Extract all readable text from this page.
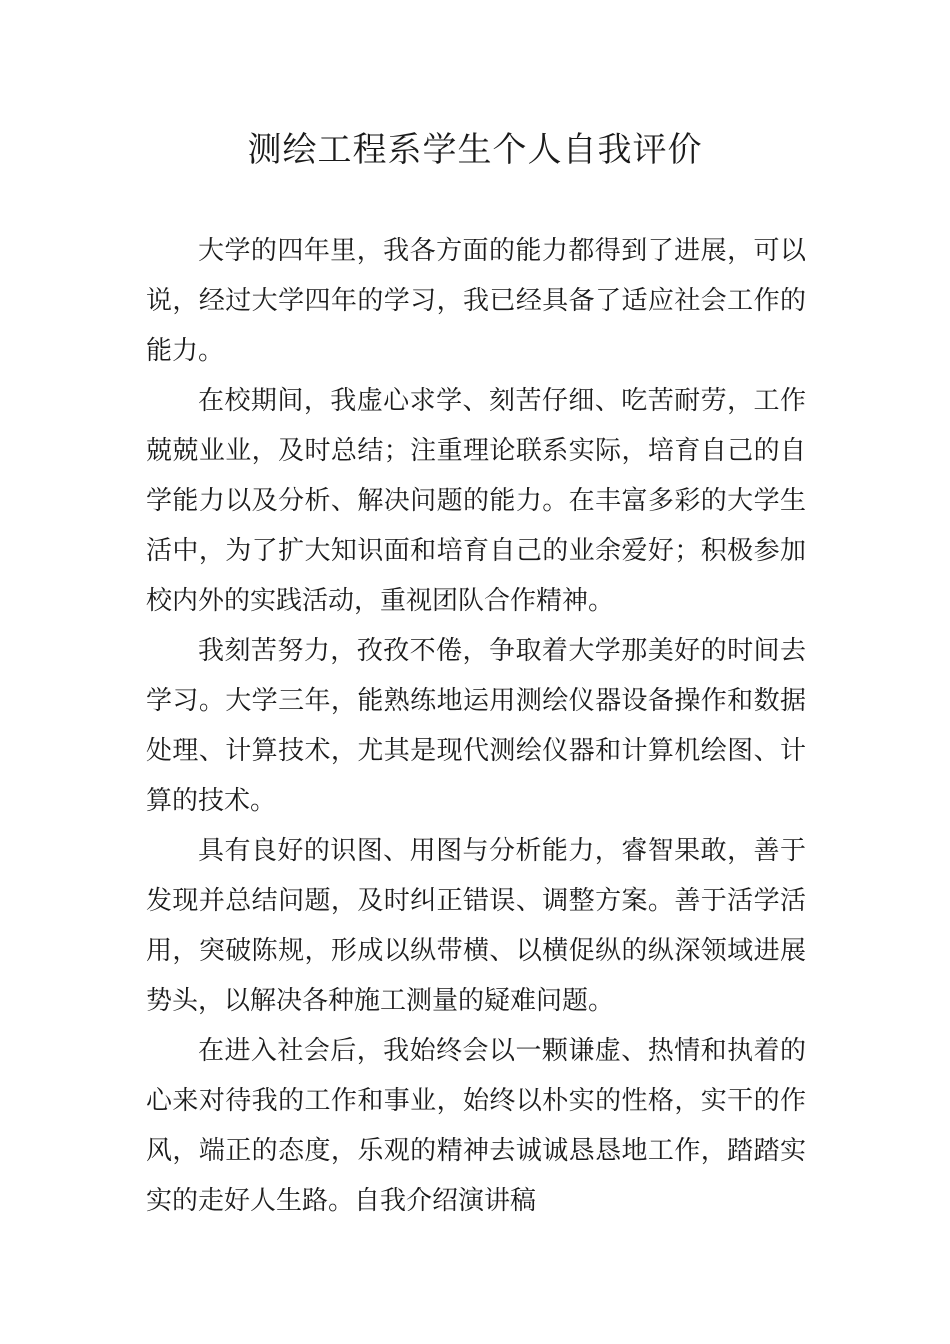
测绘工程系学生个人自我评价

大学的四年里，我各方面的能力都得到了进展，可以说，经过大学四年的学习，我已经具备了适应社会工作的能力。

在校期间，我虚心求学、刻苦仔细、吃苦耐劳，工作兢兢业业，及时总结；注重理论联系实际，培育自己的自学能力以及分析、解决问题的能力。在丰富多彩的大学生活中，为了扩大知识面和培育自己的业余爱好；积极参加校内外的实践活动，重视团队合作精神。

我刻苦努力，孜孜不倦，争取着大学那美好的时间去学习。大学三年，能熟练地运用测绘仪器设备操作和数据处理、计算技术，尤其是现代测绘仪器和计算机绘图、计算的技术。

具有良好的识图、用图与分析能力，睿智果敢，善于发现并总结问题，及时纠正错误、调整方案。善于活学活用，突破陈规，形成以纵带横、以横促纵的纵深领域进展势头，以解决各种施工测量的疑难问题。

在进入社会后，我始终会以一颗谦虚、热情和执着的心来对待我的工作和事业，始终以朴实的性格，实干的作风，端正的态度，乐观的精神去诚诚恳恳地工作，踏踏实实的走好人生路。自我介绍演讲稿
